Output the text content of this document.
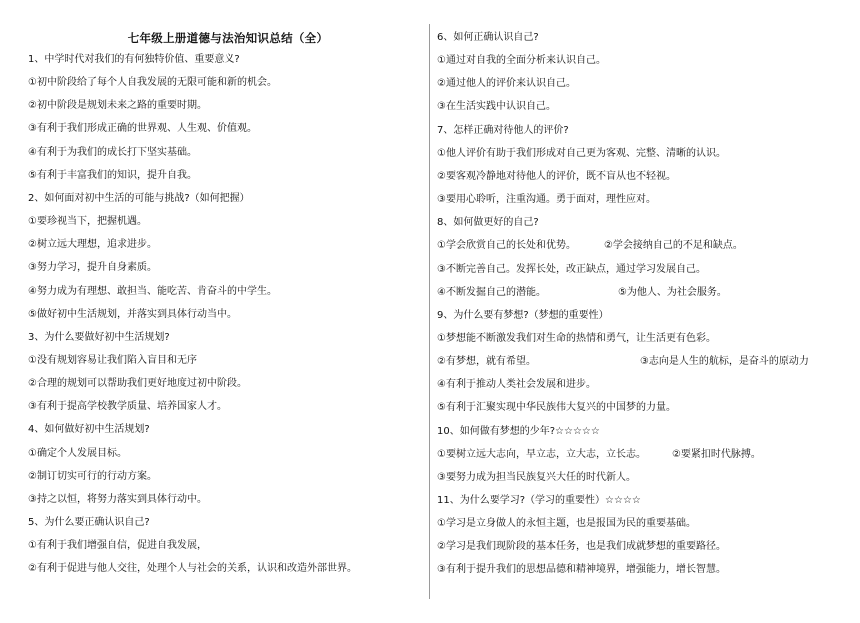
七年级上册道德与法治知识总结（全）
1、中学时代对我们的有何独特价值、重要意义?
①初中阶段给了每个人自我发展的无限可能和新的机会。
②初中阶段是规划未来之路的重要时期。
③有利于我们形成正确的世界观、人生观、价值观。
④有利于为我们的成长打下坚实基础。
⑤有利于丰富我们的知识，提升自我。
2、如何面对初中生活的可能与挑战?（如何把握）
①要珍视当下，把握机遇。
②树立远大理想，追求进步。
③努力学习，提升自身素质。
④努力成为有理想、敢担当、能吃苦、肯奋斗的中学生。
⑤做好初中生活规划，并落实到具体行动当中。
3、为什么要做好初中生活规划?
①没有规划容易让我们陷入盲目和无序
②合理的规划可以帮助我们更好地度过初中阶段。
③有利于提高学校教学质量、培养国家人才。
4、如何做好初中生活规划?
①确定个人发展目标。
②制订切实可行的行动方案。
③持之以恒，将努力落实到具体行动中。
5、为什么要正确认识自己?
①有利于我们增强自信，促进自我发展，
②有利于促进与他人交往，处理个人与社会的关系，认识和改造外部世界。
6、如何正确认识自己?
①通过对自我的全面分析来认识自己。
②通过他人的评价来认识自己。
③在生活实践中认识自己。
7、怎样正确对待他人的评价?
①他人评价有助于我们形成对自己更为客观、完整、清晰的认识。
②要客观冷静地对待他人的评价，既不盲从也不轻视。
③要用心聆听，注重沟通。勇于面对，理性应对。
8、如何做更好的自己?
①学会欣赏自己的长处和优势。	②学会接纳自己的不足和缺点。
③不断完善自己。发挥长处，改正缺点，通过学习发展自己。
④不断发掘自己的潜能。	⑤为他人、为社会服务。
9、为什么要有梦想?（梦想的重要性）
①梦想能不断激发我们对生命的热情和勇气，让生活更有色彩。
②有梦想，就有希望。	③志向是人生的航标，是奋斗的原动力
④有利于推动人类社会发展和进步。
⑤有利于汇聚实现中华民族伟大复兴的中国梦的力量。
10、如何做有梦想的少年?☆☆☆☆☆
①要树立远大志向，早立志，立大志，立长志。	②要紧扣时代脉搏。
③要努力成为担当民族复兴大任的时代新人。
11、为什么要学习?（学习的重要性）☆☆☆☆
①学习是立身做人的永恒主题，也是报国为民的重要基础。
②学习是我们现阶段的基本任务，也是我们成就梦想的重要路径。
③有利于提升我们的思想品德和精神境界，增强能力，增长智慧。
